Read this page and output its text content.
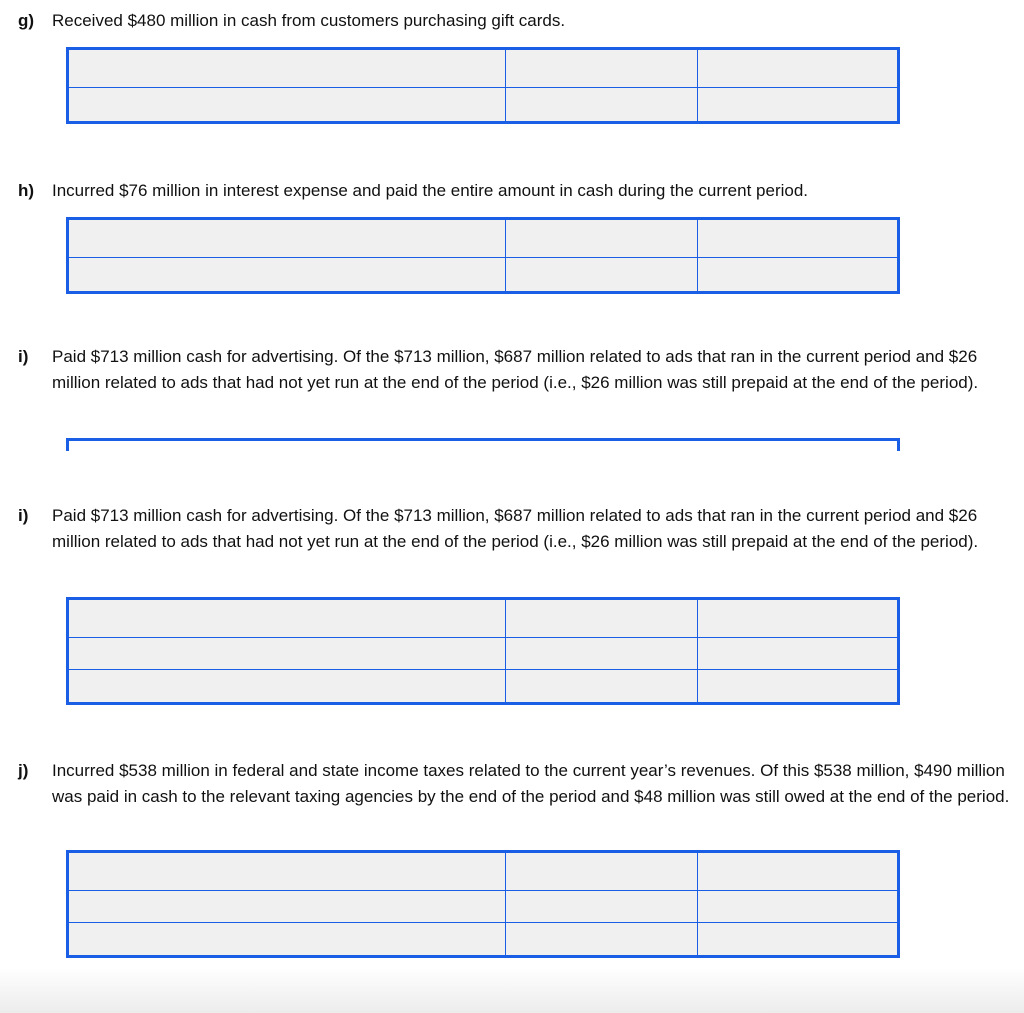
g)	Received $480 million in cash from customers purchasing gift cards.
h)	Incurred $76 million in interest expense and paid the entire amount in cash during the current period.
i)	Paid $713 million cash for advertising. Of the $713 million, $687 million related to ads that ran in the current period and $26 million related to ads that had not yet run at the end of the period (i.e., $26 million was still prepaid at the end of the period).
i)	Paid $713 million cash for advertising. Of the $713 million, $687 million related to ads that ran in the current period and $26 million related to ads that had not yet run at the end of the period (i.e., $26 million was still prepaid at the end of the period).
j)	Incurred $538 million in federal and state income taxes related to the current year’s revenues. Of this $538 million, $490 million was paid in cash to the relevant taxing agencies by the end of the period and $48 million was still owed at the end of the period.
